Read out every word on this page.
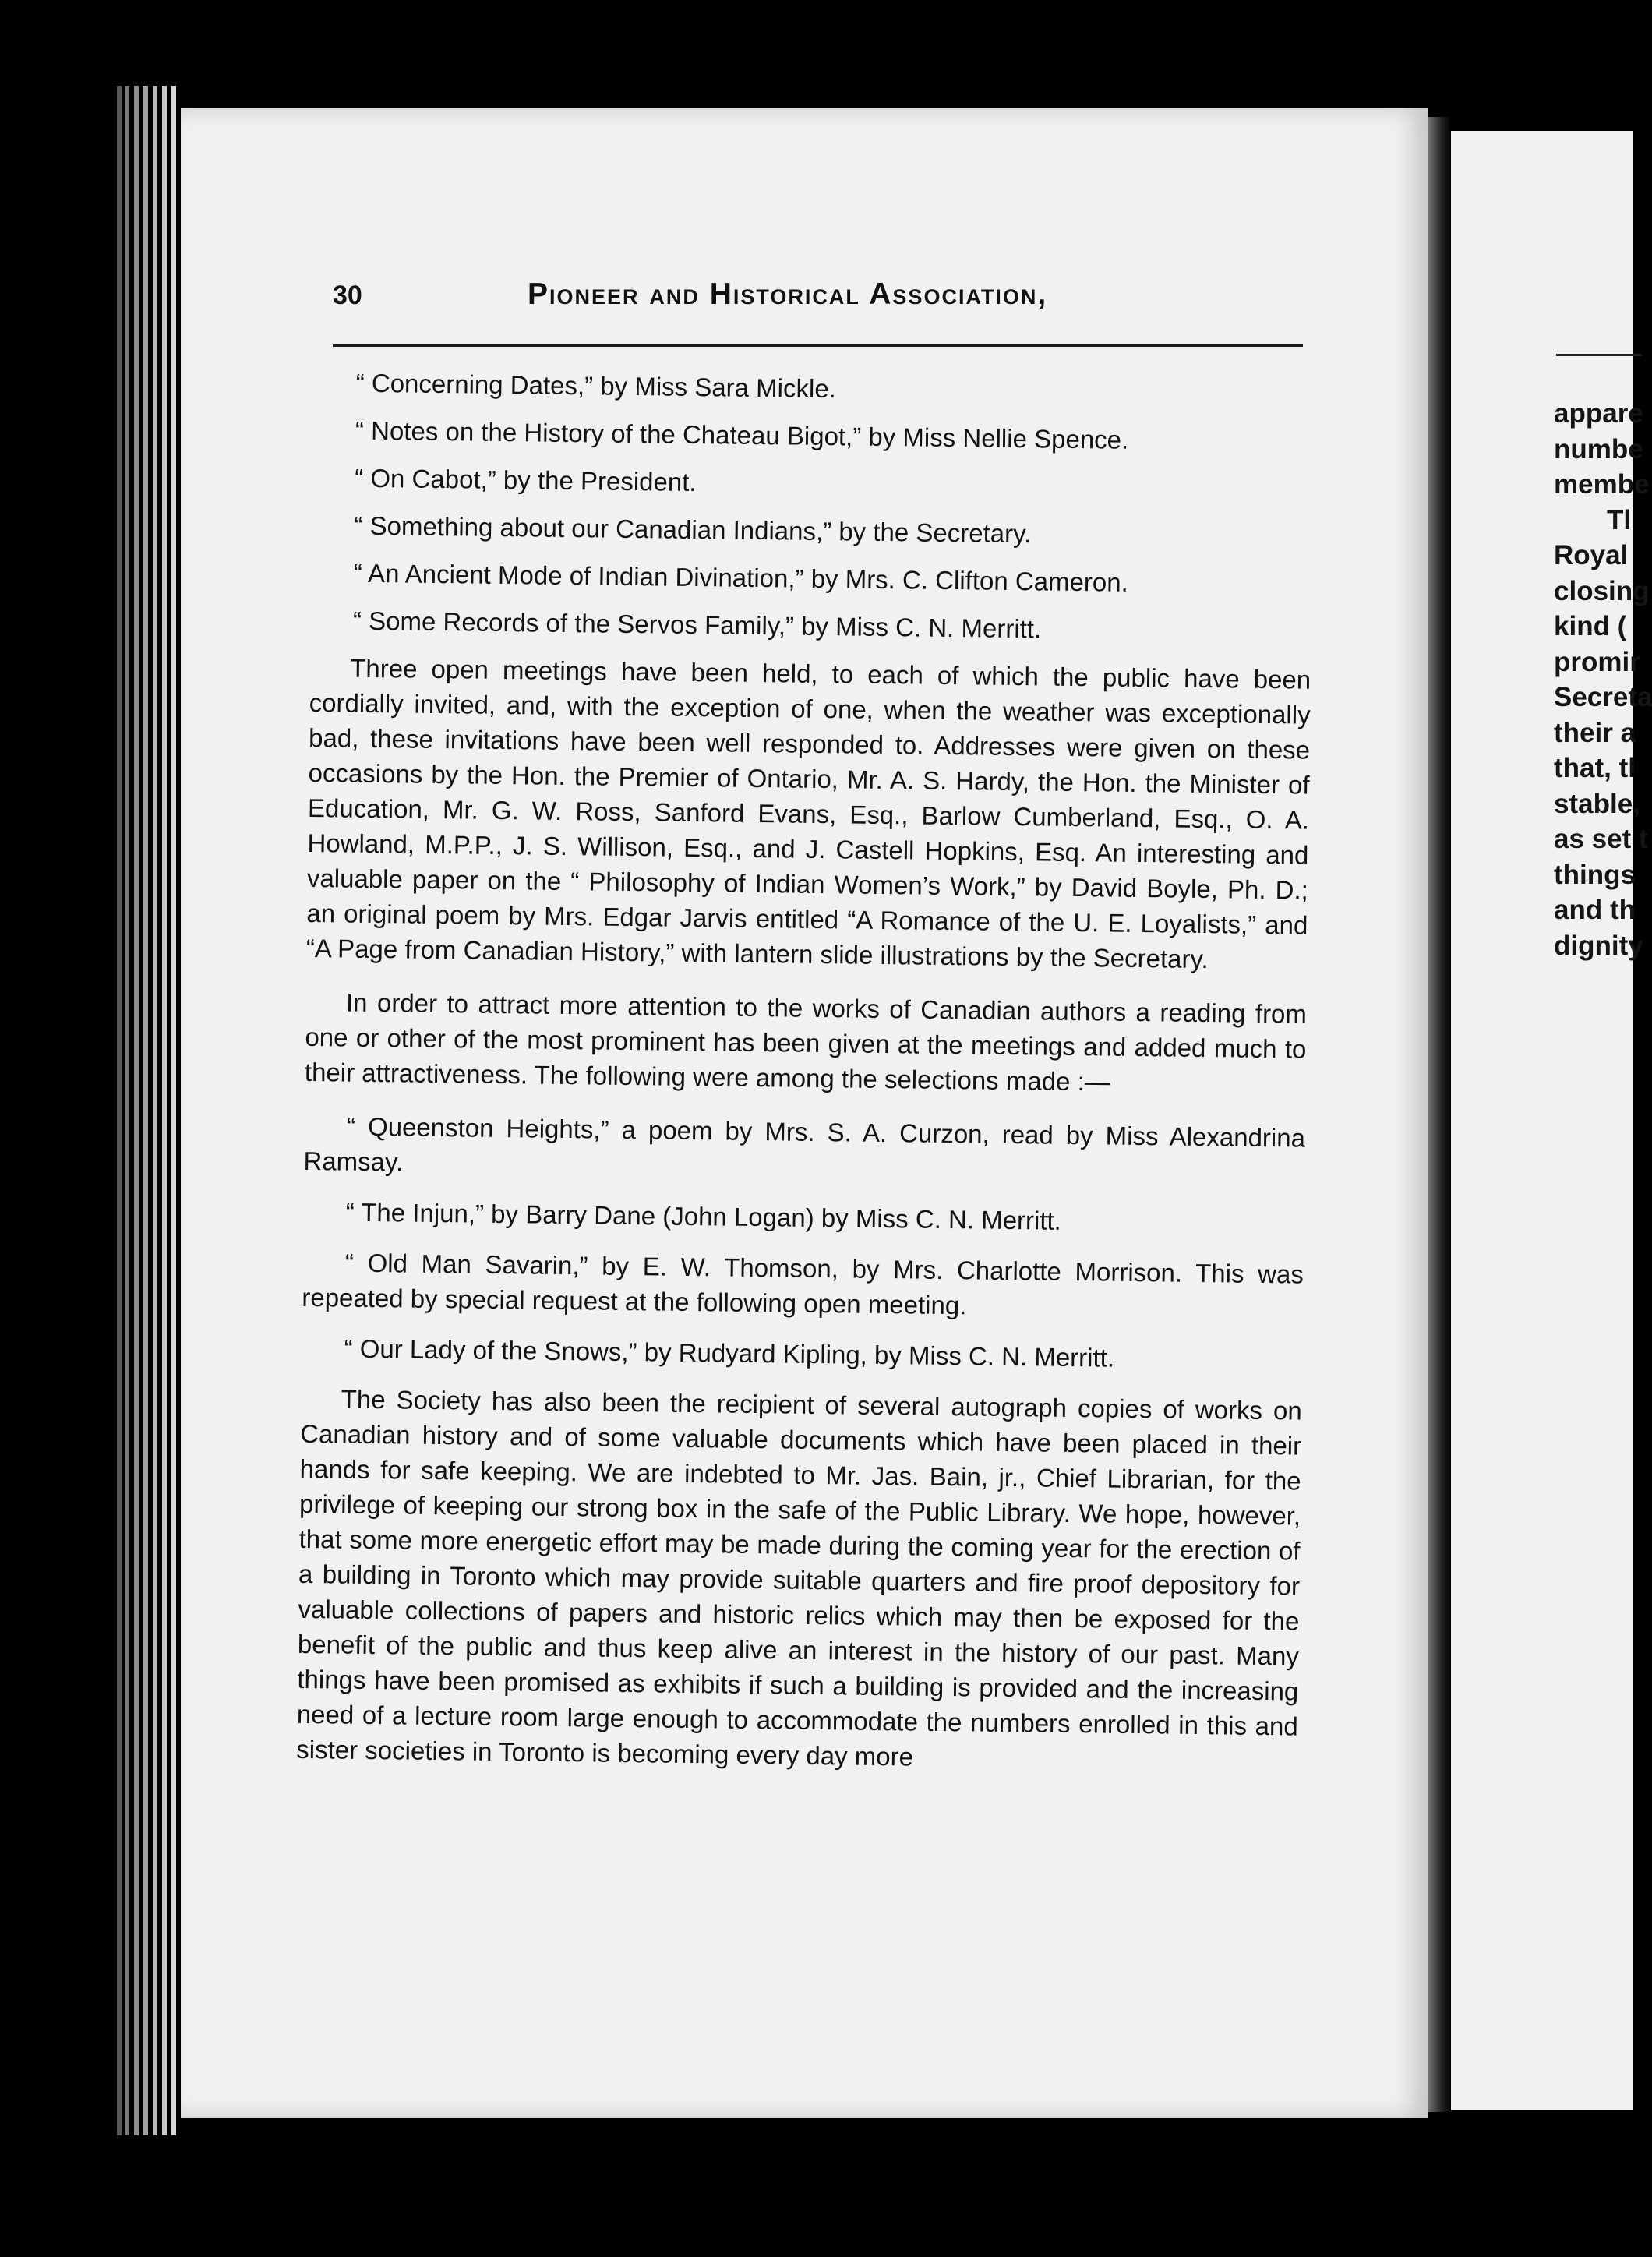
30	Pioneer and Historical Association,
“ Concerning Dates,” by Miss Sara Mickle.
“ Notes on the History of the Chateau Bigot,” by Miss Nellie Spence.
“ On Cabot,” by the President.
“ Something about our Canadian Indians,” by the Secretary.
“ An Ancient Mode of Indian Divination,” by Mrs. C. Clifton Cameron.
“ Some Records of the Servos Family,” by Miss C. N. Merritt.

Three open meetings have been held, to each of which the public have been cordially invited, and, with the exception of one, when the weather was exceptionally bad, these invitations have been well responded to. Addresses were given on these occasions by the Hon. the Premier of Ontario, Mr. A. S. Hardy, the Hon. the Minister of Education, Mr. G. W. Ross, Sanford Evans, Esq., Barlow Cumberland, Esq., O. A. Howland, M.P.P., J. S. Willison, Esq., and J. Castell Hopkins, Esq. An interesting and valuable paper on the “ Philosophy of Indian Women’s Work,” by David Boyle, Ph. D.; an original poem by Mrs. Edgar Jarvis entitled “A Romance of the U. E. Loyalists,” and “A Page from Canadian History,” with lantern slide illustrations by the Secretary.

In order to attract more attention to the works of Canadian authors a reading from one or other of the most prominent has been given at the meetings and added much to their attractiveness. The following were among the selections made :—

“ Queenston Heights,” a poem by Mrs. S. A. Curzon, read by Miss Alexandrina Ramsay.

“ The Injun,” by Barry Dane (John Logan) by Miss C. N. Merritt.

“ Old Man Savarin,” by E. W. Thomson, by Mrs. Charlotte Morrison. This was repeated by special request at the following open meeting.

“ Our Lady of the Snows,” by Rudyard Kipling, by Miss C. N. Merritt.

The Society has also been the recipient of several autograph copies of works on Canadian history and of some valuable documents which have been placed in their hands for safe keeping. We are indebted to Mr. Jas. Bain, jr., Chief Librarian, for the privilege of keeping our strong box in the safe of the Public Library. We hope, however, that some more energetic effort may be made during the coming year for the erection of a building in Toronto which may provide suitable quarters and fire proof depository for valuable collections of papers and historic relics which may then be exposed for the benefit of the public and thus keep alive an interest in the history of our past. Many things have been promised as exhibits if such a building is provided and the increasing need of a lecture room large enough to accommodate the numbers enrolled in this and sister societies in Toronto is becoming every day more

appare
numbe
membe
Tl
Royal
closing
kind (
promir
Secreta
their a
that, tl
stable,
as set t
things
and th
dignity
